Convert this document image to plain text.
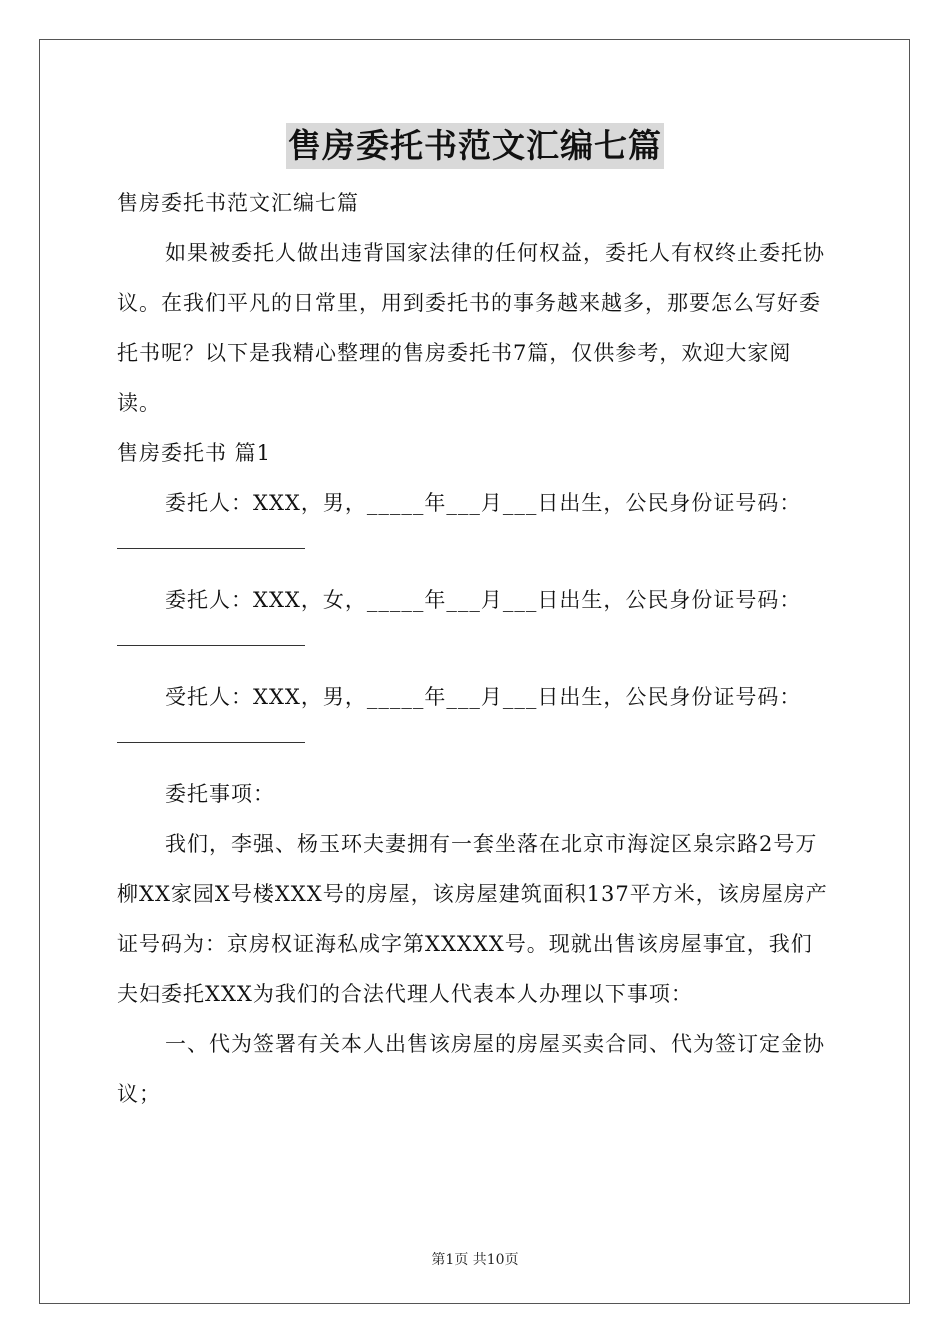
售房委托书范文汇编七篇

售房委托书范文汇编七篇

如果被委托人做出违背国家法律的任何权益，委托人有权终止委托协议。在我们平凡的日常里，用到委托书的事务越来越多，那要怎么写好委托书呢？以下是我精心整理的售房委托书7篇，仅供参考，欢迎大家阅读。

售房委托书 篇1

委托人：XXX，男，_____年___月___日出生，公民身份证号码：

委托人：XXX，女，_____年___月___日出生，公民身份证号码：

受托人：XXX，男，_____年___月___日出生，公民身份证号码：

委托事项：

我们，李强、杨玉环夫妻拥有一套坐落在北京市海淀区泉宗路2号万柳XX家园X号楼XXX号的房屋，该房屋建筑面积137平方米，该房屋房产证号码为：京房权证海私成字第XXXXX号。现就出售该房屋事宜，我们夫妇委托XXX为我们的合法代理人代表本人办理以下事项：

一、代为签署有关本人出售该房屋的房屋买卖合同、代为签订定金协议；

第1页 共10页
